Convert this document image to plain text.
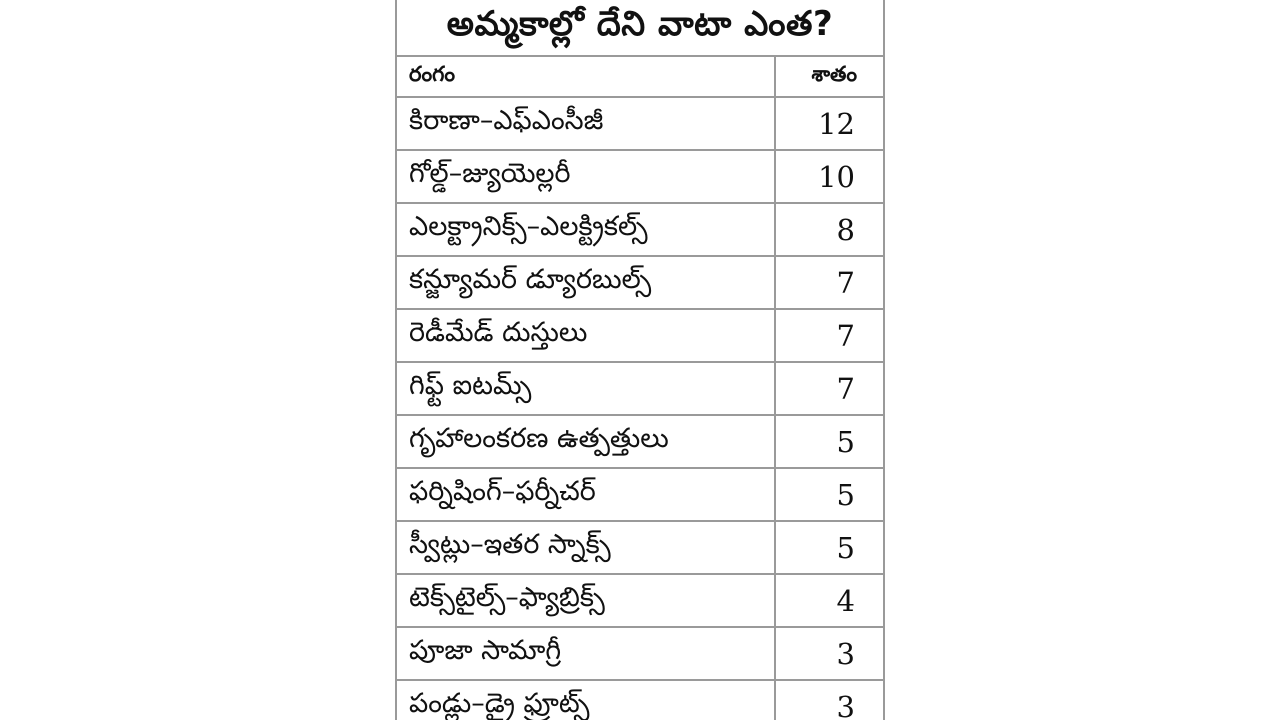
అమ్మకాల్లో దేని వాటా ఎంత?
రంగం	శాతం
కిరాణా–ఎఫ్‌ఎంసీజీ	12
గోల్డ్‌–జ్యుయెల్లరీ	10
ఎలక్ట్రానిక్స్‌–ఎలక్ట్రికల్స్‌	8
కన్జ్యూమర్‌ డ్యూరబుల్స్‌	7
రెడీమేడ్‌ దుస్తులు	7
గిఫ్ట్‌ ఐటమ్స్‌	7
గృహాలంకరణ ఉత్పత్తులు	5
ఫర్నిషింగ్‌–ఫర్నీచర్‌	5
స్వీట్లు–ఇతర స్నాక్స్‌	5
టెక్స్‌టైల్స్‌–ఫ్యాబ్రిక్స్‌	4
పూజా సామాగ్రీ	3
పండ్లు–డ్రై ఫ్రూట్స్‌	3
